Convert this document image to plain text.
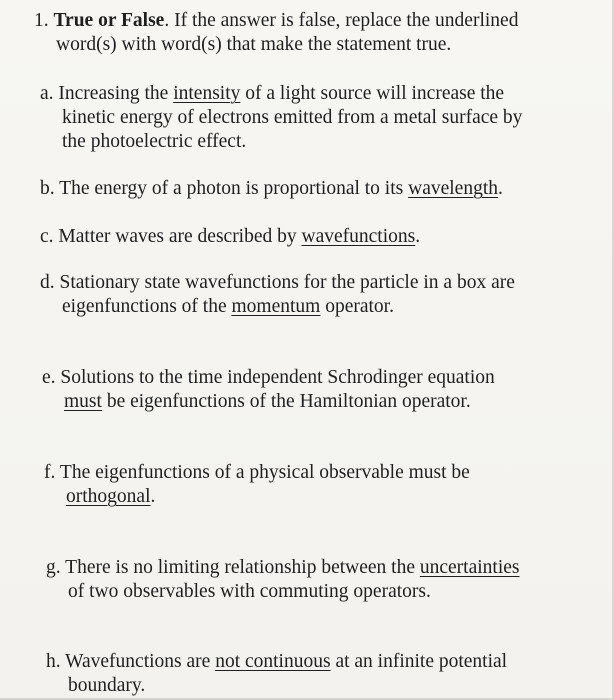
1. True or False. If the answer is false, replace the underlined
word(s) with word(s) that make the statement true.
a. Increasing the intensity of a light source will increase the
kinetic energy of electrons emitted from a metal surface by
the photoelectric effect.
b. The energy of a photon is proportional to its wavelength.
c. Matter waves are described by wavefunctions.
d. Stationary state wavefunctions for the particle in a box are
eigenfunctions of the momentum operator.
e. Solutions to the time independent Schrodinger equation
must be eigenfunctions of the Hamiltonian operator.
f. The eigenfunctions of a physical observable must be
orthogonal.
g. There is no limiting relationship between the uncertainties
of two observables with commuting operators.
h. Wavefunctions are not continuous at an infinite potential
boundary.
